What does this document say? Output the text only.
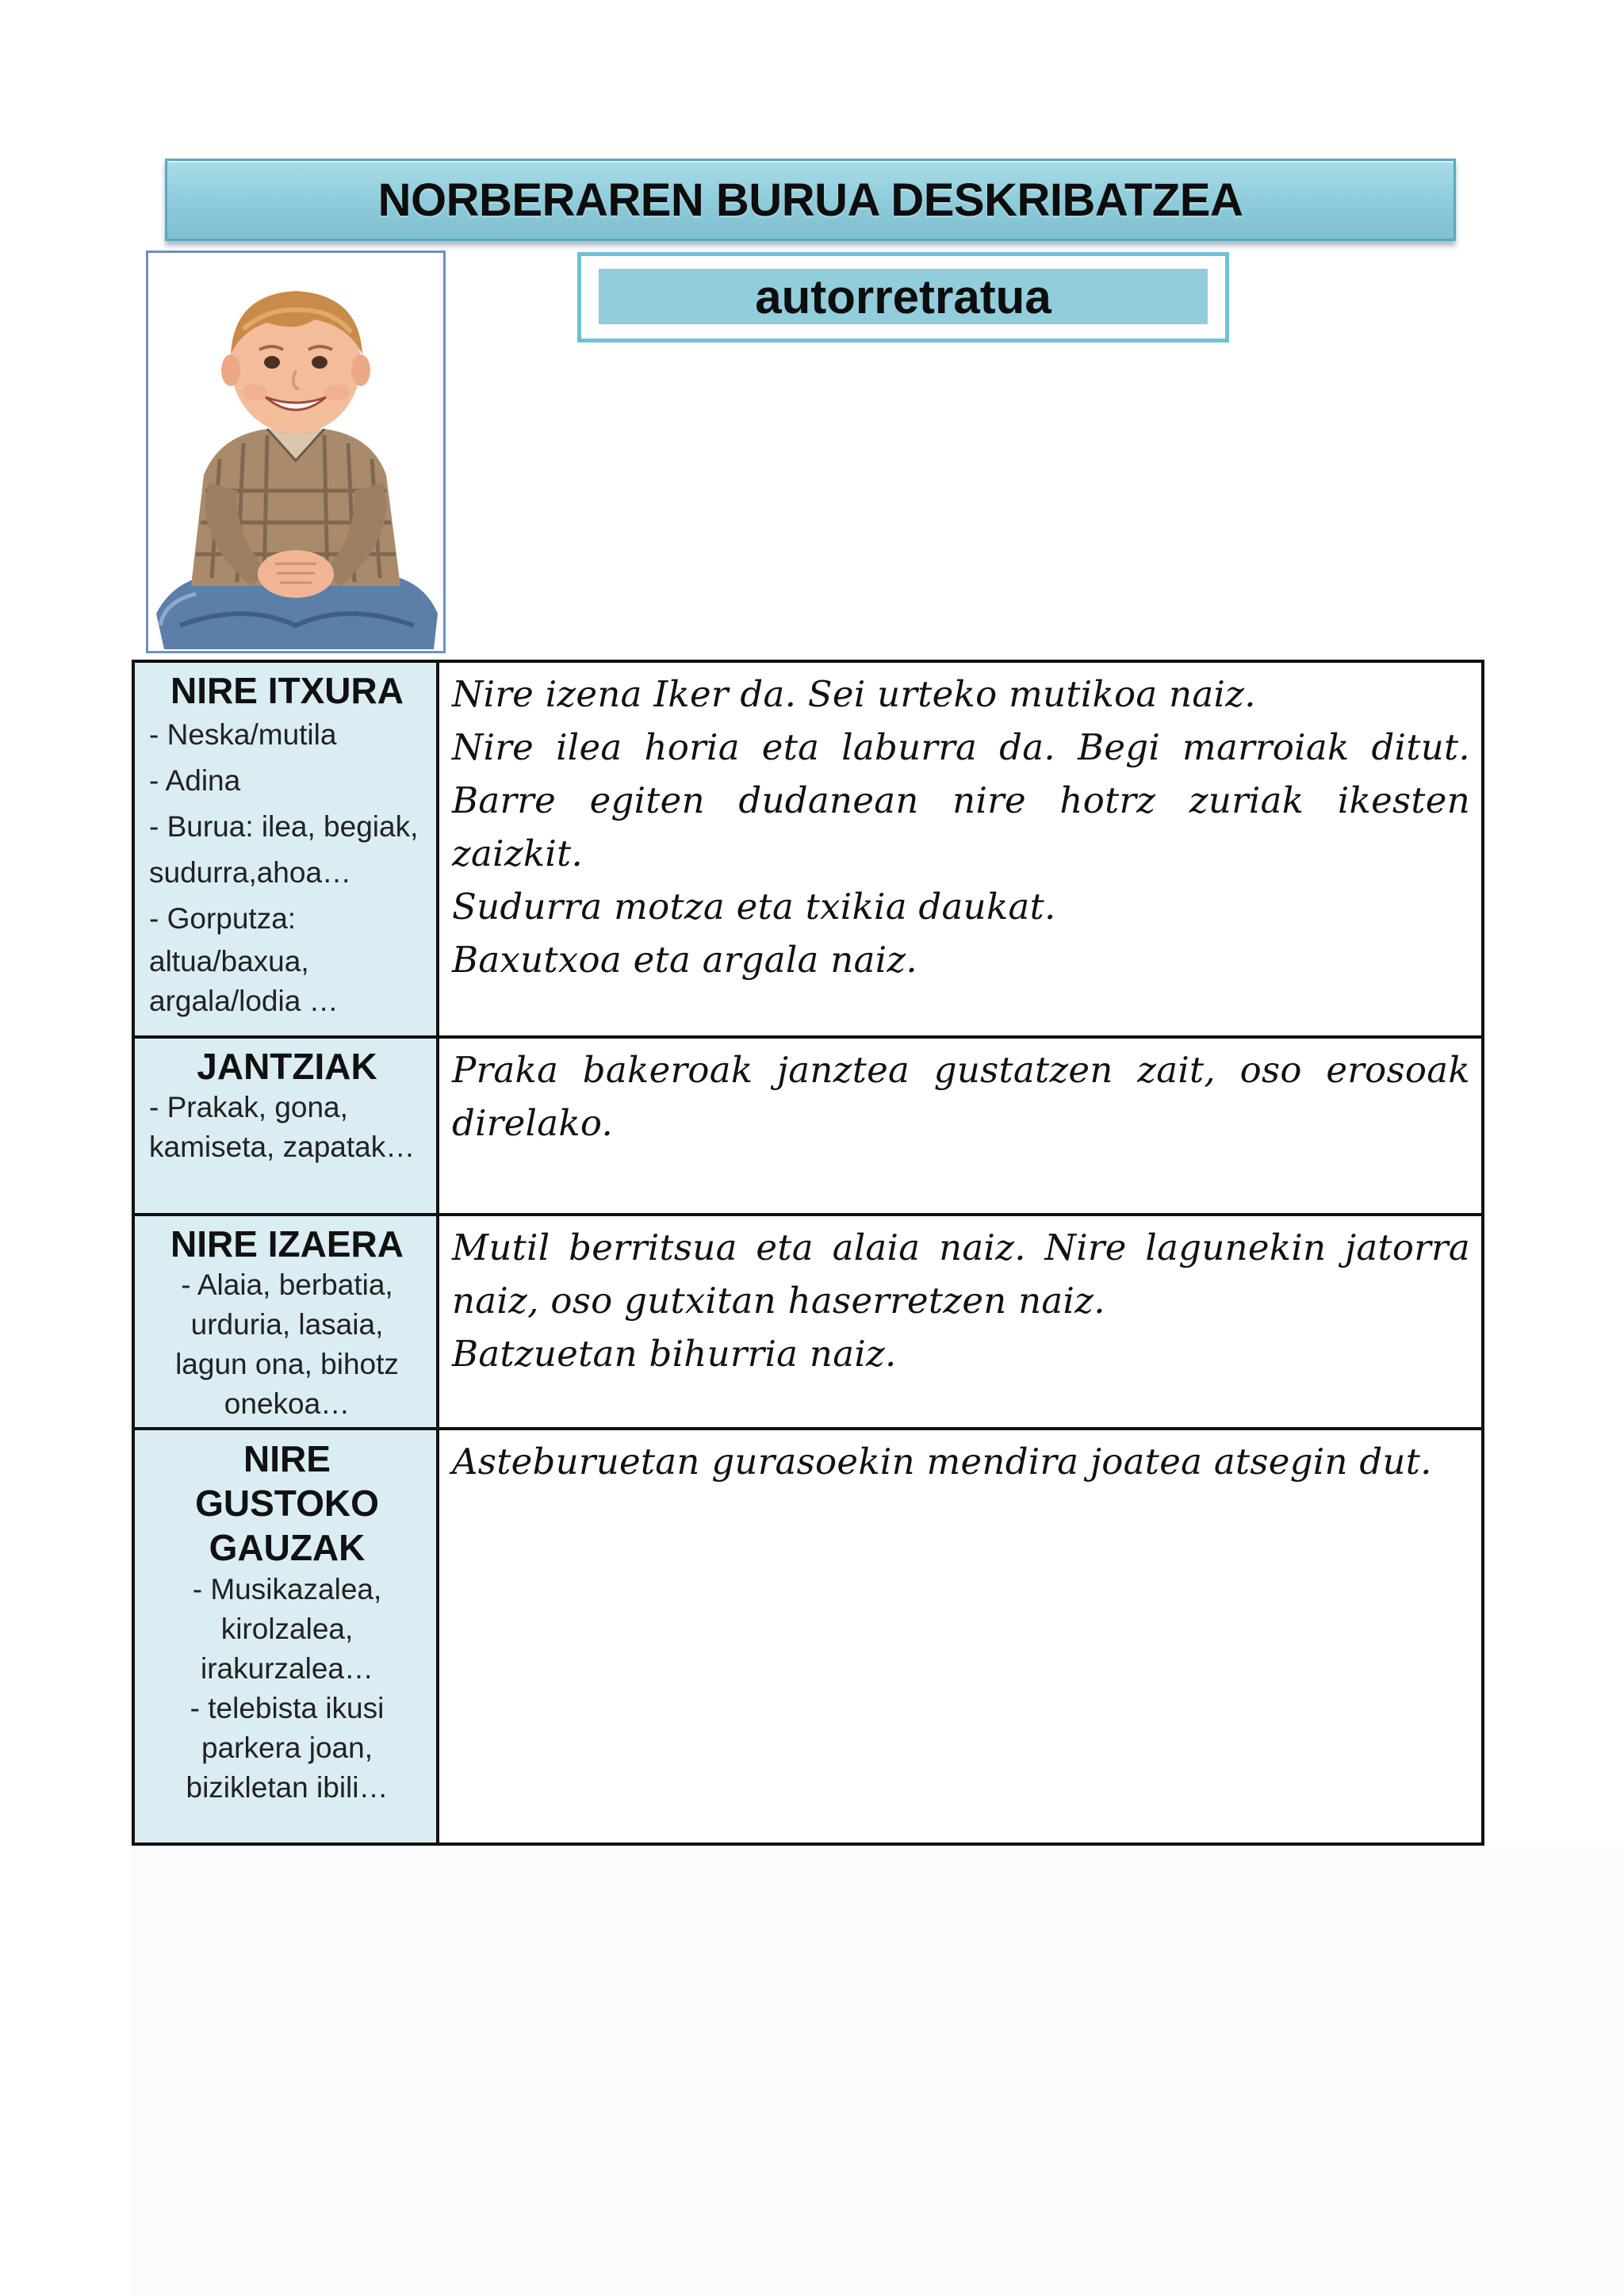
NORBERAREN BURUA DESKRIBATZEA
autorretratua
NIRE ITXURA

- Neska/mutila

- Adina

- Burua: ilea, begiak,

sudurra,ahoa…

- Gorputza:

altua/baxua,

argala/lodia …

Nire izena Iker da. Sei urteko mutikoa naiz.

Nire ilea horia eta laburra da. Begi marroiak ditut. Barre egiten dudanean nire hotrz zuriak ikesten zaizkit.

Sudurra motza eta txikia daukat.

Baxutxoa eta argala naiz.

JANTZIAK

- Prakak, gona,

kamiseta, zapatak…

Praka bakeroak janztea gustatzen zait, oso erosoak direlako.

NIRE IZAERA

- Alaia, berbatia,

urduria, lasaia,

lagun ona, bihotz

onekoa…

Mutil berritsua eta alaia naiz. Nire lagunekin jatorra naiz, oso gutxitan haserretzen naiz.

Batzuetan bihurria naiz.

NIRE
GUSTOKO
GAUZAK

- Musikazalea,

kirolzalea,

irakurzalea…

- telebista ikusi

parkera joan,

bizikletan ibili…

Asteburuetan gurasoekin mendira joatea atsegin dut.
